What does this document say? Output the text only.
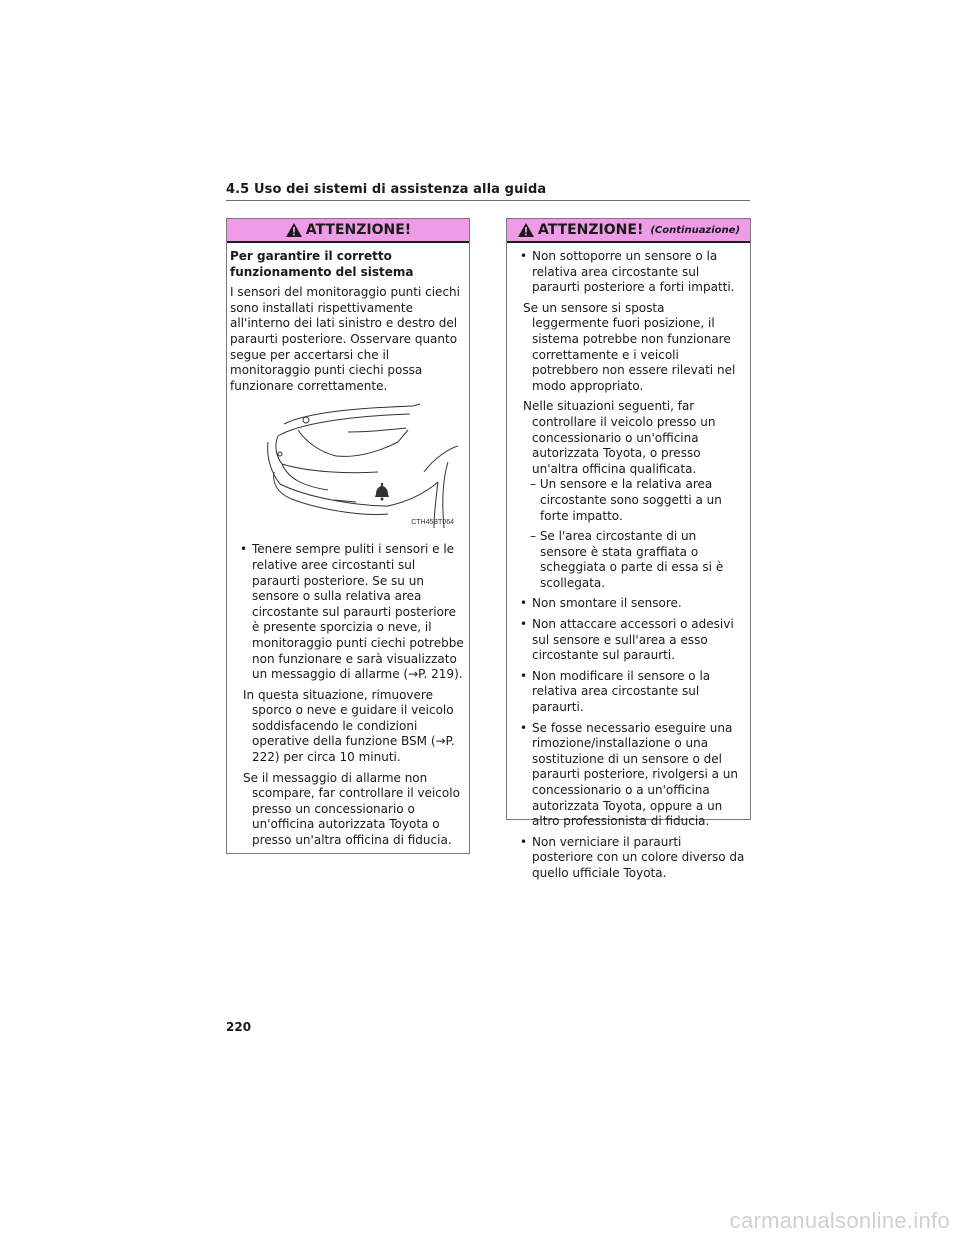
4.5 Uso dei sistemi di assistenza alla guida
ATTENZIONE!

Per garantire il corretto funzionamento del sistema

I sensori del monitoraggio punti ciechi sono installati rispettivamente all'interno dei lati sinistro e destro del paraurti posteriore. Osservare quanto segue per accertarsi che il monitoraggio punti ciechi possa funzionare correttamente.

CTH45BT064

• Tenere sempre puliti i sensori e le relative aree circostanti sul paraurti posteriore. Se su un sensore o sulla relativa area circostante sul paraurti posteriore è presente sporcizia o neve, il monitoraggio punti ciechi potrebbe non funzionare e sarà visualizzato un messaggio di allarme (→P. 219).

In questa situazione, rimuovere sporco o neve e guidare il veicolo soddisfacendo le condizioni operative della funzione BSM (→P. 222) per circa 10 minuti.

Se il messaggio di allarme non scompare, far controllare il veicolo presso un concessionario o un'officina autorizzata Toyota o presso un'altra officina di fiducia.

ATTENZIONE! (Continuazione)

• Non sottoporre un sensore o la relativa area circostante sul paraurti posteriore a forti impatti.

Se un sensore si sposta leggermente fuori posizione, il sistema potrebbe non funzionare correttamente e i veicoli potrebbero non essere rilevati nel modo appropriato.

Nelle situazioni seguenti, far controllare il veicolo presso un concessionario o un'officina autorizzata Toyota, o presso un'altra officina qualificata.

– Un sensore e la relativa area circostante sono soggetti a un forte impatto.

– Se l'area circostante di un sensore è stata graffiata o scheggiata o parte di essa si è scollegata.

• Non smontare il sensore.

• Non attaccare accessori o adesivi sul sensore e sull'area a esso circostante sul paraurti.

• Non modificare il sensore o la relativa area circostante sul paraurti.

• Se fosse necessario eseguire una rimozione/installazione o una sostituzione di un sensore o del paraurti posteriore, rivolgersi a un concessionario o a un'officina autorizzata Toyota, oppure a un altro professionista di fiducia.

• Non verniciare il paraurti posteriore con un colore diverso da quello ufficiale Toyota.

220
carmanualsonline.info
